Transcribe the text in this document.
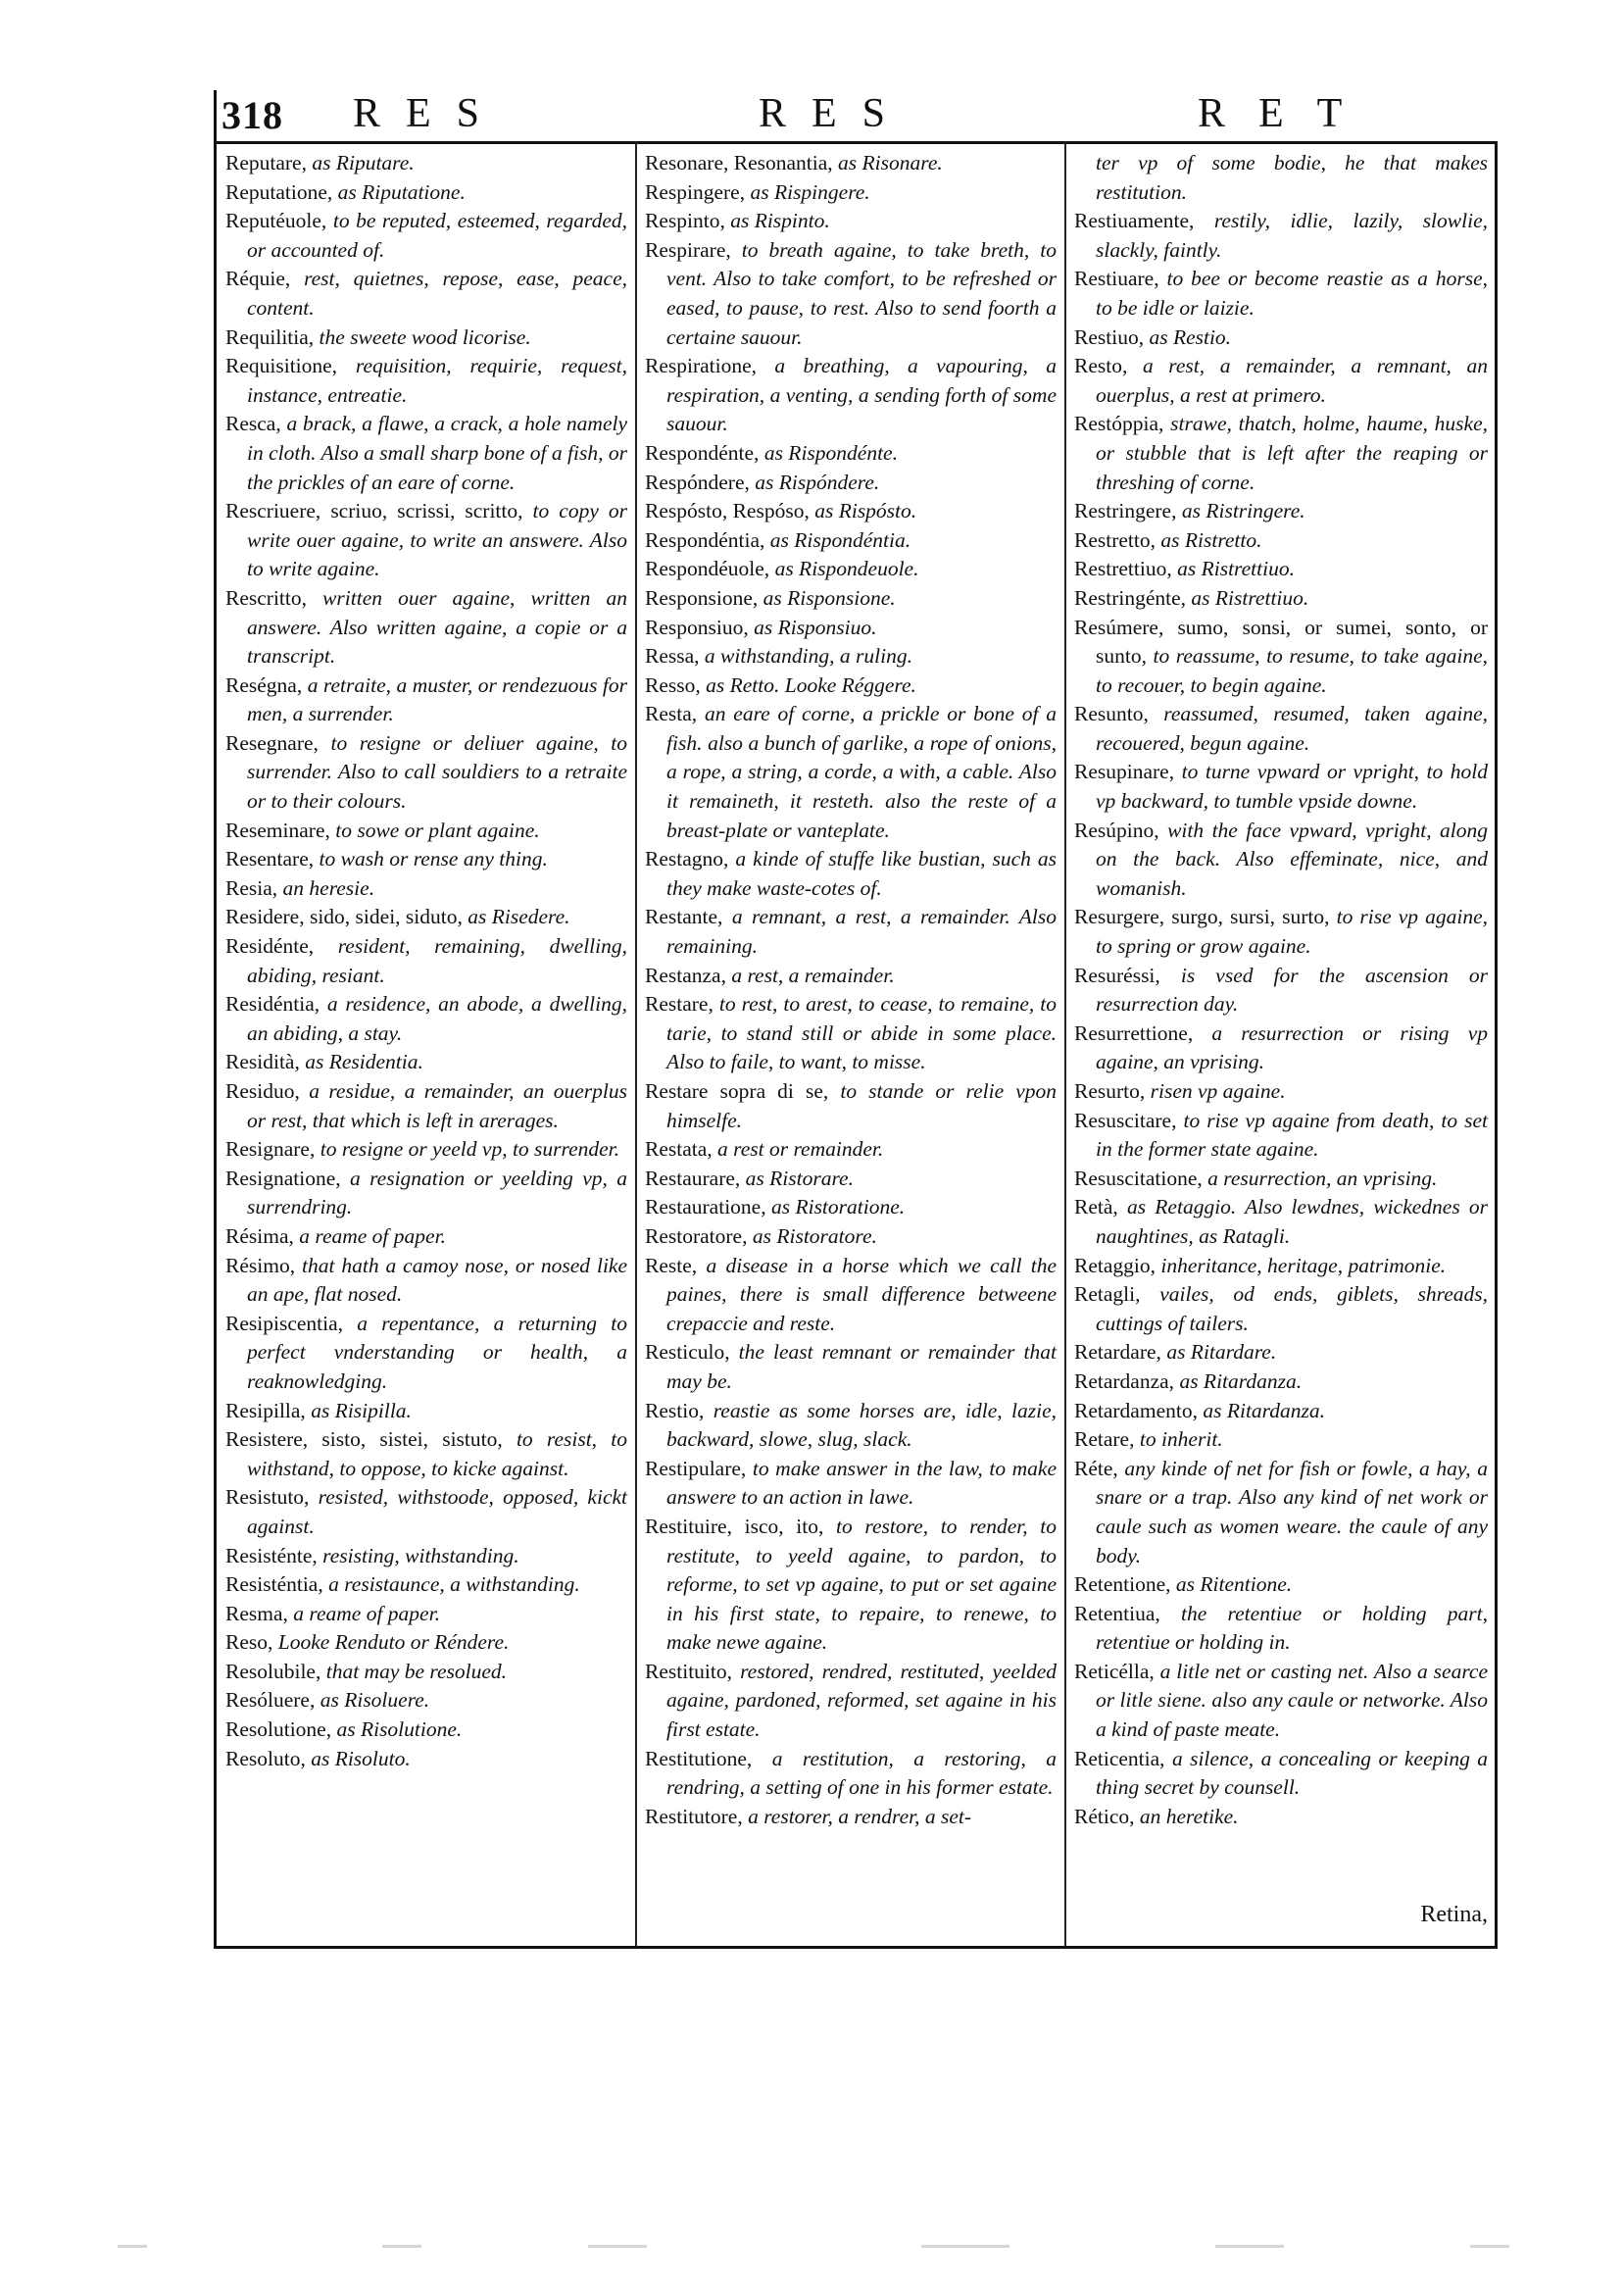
318 RES	RES	RET

Reputare, as Riputare.

Reputatione, as Riputatione.

Reputéuole, to be reputed, esteemed, regarded, or accounted of.

Réquie, rest, quietnes, repose, ease, peace, content.

Requilitia, the sweete wood licorise.

Requisitione, requisition, requirie, request, instance, entreatie.

Resca, a brack, a flawe, a crack, a hole namely in cloth. Also a small sharp bone of a fish, or the prickles of an eare of corne.

Rescriuere, scriuo, scrissi, scritto, to copy or write ouer againe, to write an answere. Also to write againe.

Rescritto, written ouer againe, written an answere. Also written againe, a copie or a transcript.

Reségna, a retraite, a muster, or rendezuous for men, a surrender.

Resegnare, to resigne or deliuer againe, to surrender. Also to call souldiers to a retraite or to their colours.

Reseminare, to sowe or plant againe.

Resentare, to wash or rense any thing.

Resia, an heresie.

Residere, sido, sidei, siduto, as Risedere.

Residénte, resident, remaining, dwelling, abiding, resiant.

Residéntia, a residence, an abode, a dwelling, an abiding, a stay.

Residità, as Residentia.

Residuo, a residue, a remainder, an ouerplus or rest, that which is left in arerages.

Resignare, to resigne or yeeld vp, to surrender.

Resignatione, a resignation or yeelding vp, a surrendring.

Résima, a reame of paper.

Résimo, that hath a camoy nose, or nosed like an ape, flat nosed.

Resipiscentia, a repentance, a returning to perfect vnderstanding or health, a reaknowledging.

Resipilla, as Risipilla.

Resistere, sisto, sistei, sistuto, to resist, to withstand, to oppose, to kicke against.

Resistuto, resisted, withstoode, opposed, kickt against.

Resisténte, resisting, withstanding.

Resisténtia, a resistaunce, a withstanding.

Resma, a reame of paper.

Reso, Looke Renduto or Réndere.

Resolubile, that may be resolued.

Resóluere, as Risoluere.

Resolutione, as Risolutione.

Resoluto, as Risoluto.

Resonare, Resonantia, as Risonare.

Respingere, as Rispingere.

Respinto, as Rispinto.

Respirare, to breath againe, to take breth, to vent. Also to take comfort, to be refreshed or eased, to pause, to rest. Also to send foorth a certaine sauour.

Respiratione, a breathing, a vapouring, a respiration, a venting, a sending forth of some sauour.

Respondénte, as Rispondénte.

Respóndere, as Rispóndere.

Respósto, Respóso, as Rispósto.

Respondéntia, as Rispondéntia.

Respondéuole, as Rispondeuole.

Responsione, as Risponsione.

Responsiuo, as Risponsiuo.

Ressa, a withstanding, a ruling.

Resso, as Retto. Looke Réggere.

Resta, an eare of corne, a prickle or bone of a fish. also a bunch of garlike, a rope of onions, a rope, a string, a corde, a with, a cable. Also it remaineth, it resteth. also the reste of a breast-plate or vanteplate.

Restagno, a kinde of stuffe like bustian, such as they make waste-cotes of.

Restante, a remnant, a rest, a remainder. Also remaining.

Restanza, a rest, a remainder.

Restare, to rest, to arest, to cease, to remaine, to tarie, to stand still or abide in some place. Also to faile, to want, to misse.

Restare sopra di se, to stande or relie vpon himselfe.

Restata, a rest or remainder.

Restaurare, as Ristorare.

Restauratione, as Ristoratione.

Restoratore, as Ristoratore.

Reste, a disease in a horse which we call the paines, there is small difference betweene crepaccie and reste.

Resticulo, the least remnant or remainder that may be.

Restio, reastie as some horses are, idle, lazie, backward, slowe, slug, slack.

Restipulare, to make answer in the law, to make answere to an action in lawe.

Restituire, isco, ito, to restore, to render, to restitute, to yeeld againe, to pardon, to reforme, to set vp againe, to put or set againe in his first state, to repaire, to renewe, to make newe againe.

Restituito, restored, rendred, restituted, yeelded againe, pardoned, reformed, set againe in his first estate.

Restitutione, a restitution, a restoring, a rendring, a setting of one in his former estate.

Restitutore, a restorer, a rendrer, a set-

ter vp of some bodie, he that makes restitution.

Restiuamente, restily, idlie, lazily, slowlie, slackly, faintly.

Restiuare, to bee or become reastie as a horse, to be idle or laizie.

Restiuo, as Restio.

Resto, a rest, a remainder, a remnant, an ouerplus, a rest at primero.

Restóppia, strawe, thatch, holme, haume, huske, or stubble that is left after the reaping or threshing of corne.

Restringere, as Ristringere.

Restretto, as Ristretto.

Restrettiuo, as Ristrettiuo.

Restringénte, as Ristrettiuo.

Resúmere, sumo, sonsi, or sumei, sonto, or sunto, to reassume, to resume, to take againe, to recouer, to begin againe.

Resunto, reassumed, resumed, taken againe, recouered, begun againe.

Resupinare, to turne vpward or vpright, to hold vp backward, to tumble vpside downe.

Resúpino, with the face vpward, vpright, along on the back. Also effeminate, nice, and womanish.

Resurgere, surgo, sursi, surto, to rise vp againe, to spring or grow againe.

Resuréssi, is vsed for the ascension or resurrection day.

Resurrettione, a resurrection or rising vp againe, an vprising.

Resurto, risen vp againe.

Resuscitare, to rise vp againe from death, to set in the former state againe.

Resuscitatione, a resurrection, an vprising.

Retà, as Retaggio. Also lewdnes, wickednes or naughtines, as Ratagli.

Retaggio, inheritance, heritage, patrimonie.

Retagli, vailes, od ends, giblets, shreads, cuttings of tailers.

Retardare, as Ritardare.

Retardanza, as Ritardanza.

Retardamento, as Ritardanza.

Retare, to inherit.

Réte, any kinde of net for fish or fowle, a hay, a snare or a trap. Also any kind of net work or caule such as women weare. the caule of any body.

Retentione, as Ritentione.

Retentiua, the retentiue or holding part, retentiue or holding in.

Reticélla, a litle net or casting net. Also a searce or litle siene. also any caule or networke. Also a kind of paste meate.

Reticentia, a silence, a concealing or keeping a thing secret by counsell.

Rético, an heretike.

Retina,
